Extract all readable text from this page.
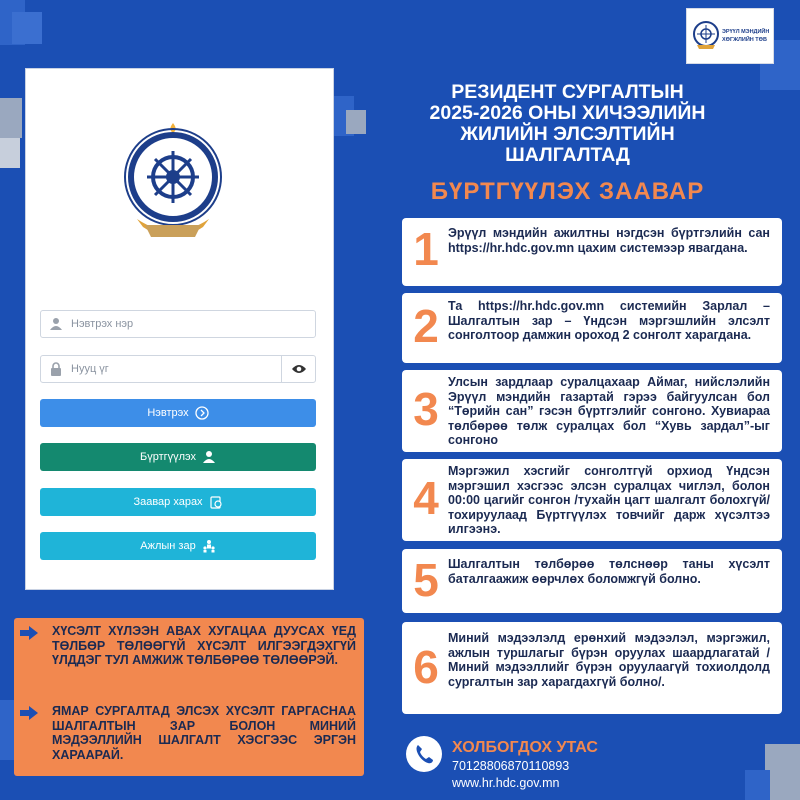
Нэвтрэх нэр
Нууц үг
Нэвтрэх
Бүртгүүлэх
Заавар харах
Ажлын зар
ЭРҮҮЛ МЭНДИЙН
ХӨГЖЛИЙН ТӨВ
РЕЗИДЕНТ СУРГАЛТЫН
2025-2026 ОНЫ ХИЧЭЭЛИЙН
ЖИЛИЙН ЭЛСЭЛТИЙН
ШАЛГАЛТАД
БҮРТГҮҮЛЭХ ЗААВАР
1 Эрүүл мэндийн ажилтны нэгдсэн бүртгэлийн сан https://hr.hdc.gov.mn цахим системээр явагдана.
2 Та https://hr.hdc.gov.mn системийн Зарлал – Шалгалтын зар – Үндсэн мэргэшлийн элсэлт сонголтоор дамжин ороход 2 сонголт харагдана.
3
Улсын зардлаар суралцахаар Аймаг, нийслэлийн Эрүүл мэндийн газартай гэрээ байгуулсан бол “Төрийн сан” гэсэн бүртгэлийг сонгоно. Хувиараа төлбөрөө төлж суралцах бол “Хувь зардал”-ыг сонгоно
4
Мэргэжил хэсгийг сонголтгүй орхиод Үндсэн мэргэшил хэсгээс элсэн суралцах чиглэл, болон 00:00 цагийг сонгон /тухайн цагт шалгалт болохгүй/ тохируулаад Бүртгүүлэх товчийг дарж хүсэлтээ илгээнэ.
5 Шалгалтын төлбөрөө төлснөөр таны хүсэлт баталгаажиж өөрчлөх боломжгүй болно.
6
Миний мэдээлэлд ерөнхий мэдээлэл, мэргэжил, ажлын туршлагыг бүрэн оруулах шаардлагатай /Миний мэдээллийг бүрэн оруулаагүй тохиолдолд сургалтын зар харагдахгүй болно/.
ХҮСЭЛТ ХҮЛЭЭН АВАХ ХУГАЦАА ДУУСАХ ҮЕД ТӨЛБӨР ТӨЛӨӨГҮЙ ХҮСЭЛТ ИЛГЭЭГДЭХГҮЙ ҮЛДДЭГ ТУЛ АМЖИЖ ТӨЛБӨРӨӨ ТӨЛӨӨРЭЙ.
ЯМАР СУРГАЛТАД ЭЛСЭХ ХҮСЭЛТ ГАРГАСНАА ШАЛГАЛТЫН ЗАР БОЛОН МИНИЙ МЭДЭЭЛЛИЙН ШАЛГАЛТ ХЭСГЭЭС ЭРГЭН ХАРААРАЙ.	ХОЛБОГДОХ УТАС
70128806870110893
www.hr.hdc.gov.mn
